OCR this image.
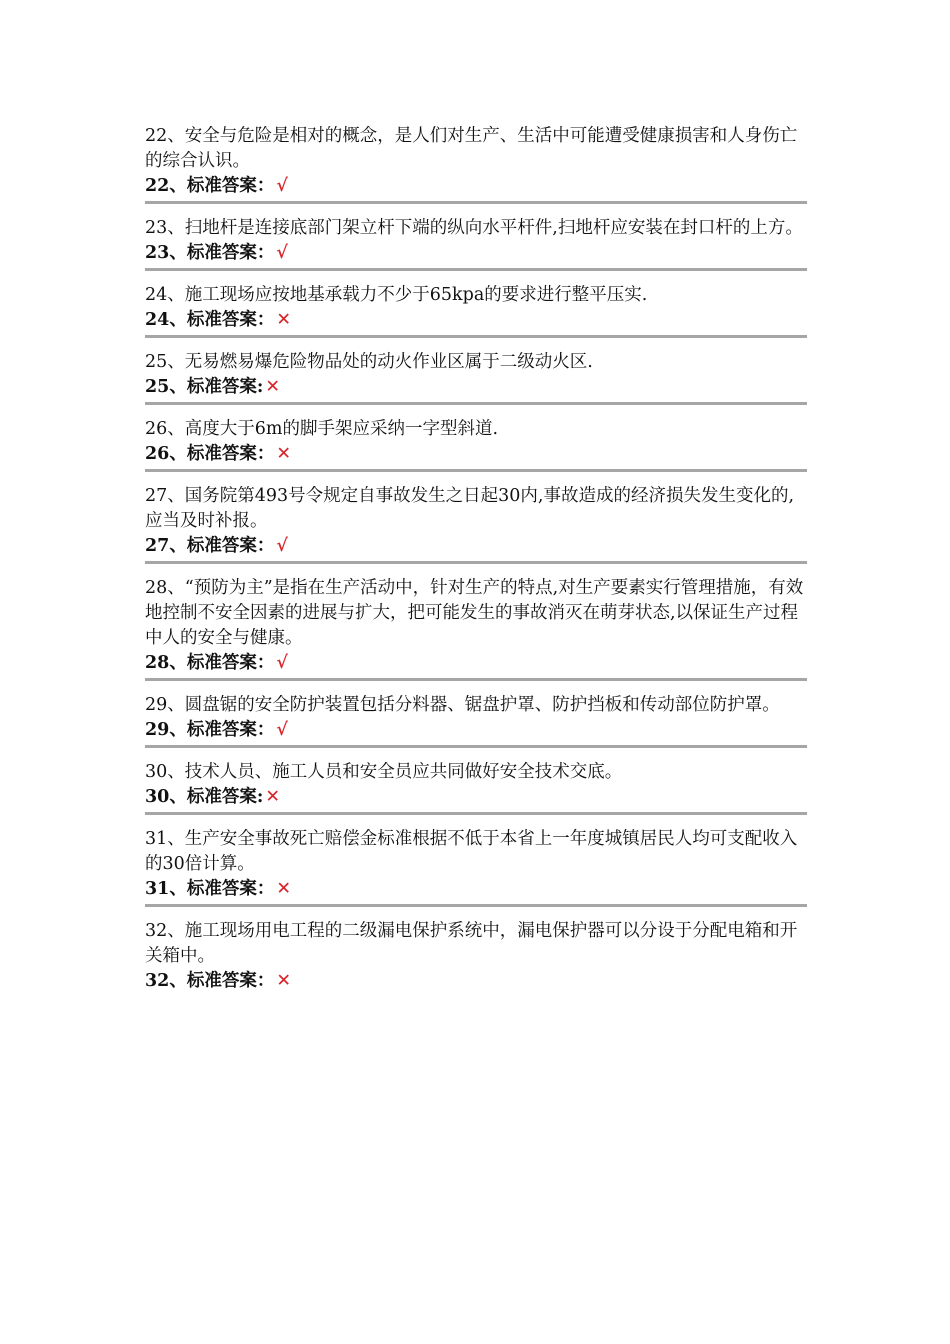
22、安全与危险是相对的概念，是人们对生产、生活中可能遭受健康损害和人身伤亡的综合认识。

22、标准答案： √

23、扫地杆是连接底部门架立杆下端的纵向水平杆件,扫地杆应安装在封口杆的上方。

23、标准答案： √

24、施工现场应按地基承载力不少于65kpa的要求进行整平压实.

24、标准答案： ✕

25、无易燃易爆危险物品处的动火作业区属于二级动火区.

25、标准答案: ✕

26、高度大于6m的脚手架应采纳一字型斜道.

26、标准答案： ✕

27、国务院第493号令规定自事故发生之日起30内,事故造成的经济损失发生变化的,应当及时补报。

27、标准答案： √

28、“预防为主”是指在生产活动中，针对生产的特点,对生产要素实行管理措施，有效地控制不安全因素的进展与扩大，把可能发生的事故消灭在萌芽状态,以保证生产过程中人的安全与健康。

28、标准答案： √

29、圆盘锯的安全防护装置包括分料器、锯盘护罩、防护挡板和传动部位防护罩。

29、标准答案： √

30、技术人员、施工人员和安全员应共同做好安全技术交底。

30、标准答案: ✕

31、生产安全事故死亡赔偿金标准根据不低于本省上一年度城镇居民人均可支配收入的30倍计算。

31、标准答案： ✕

32、施工现场用电工程的二级漏电保护系统中，漏电保护器可以分设于分配电箱和开关箱中。

32、标准答案： ✕
